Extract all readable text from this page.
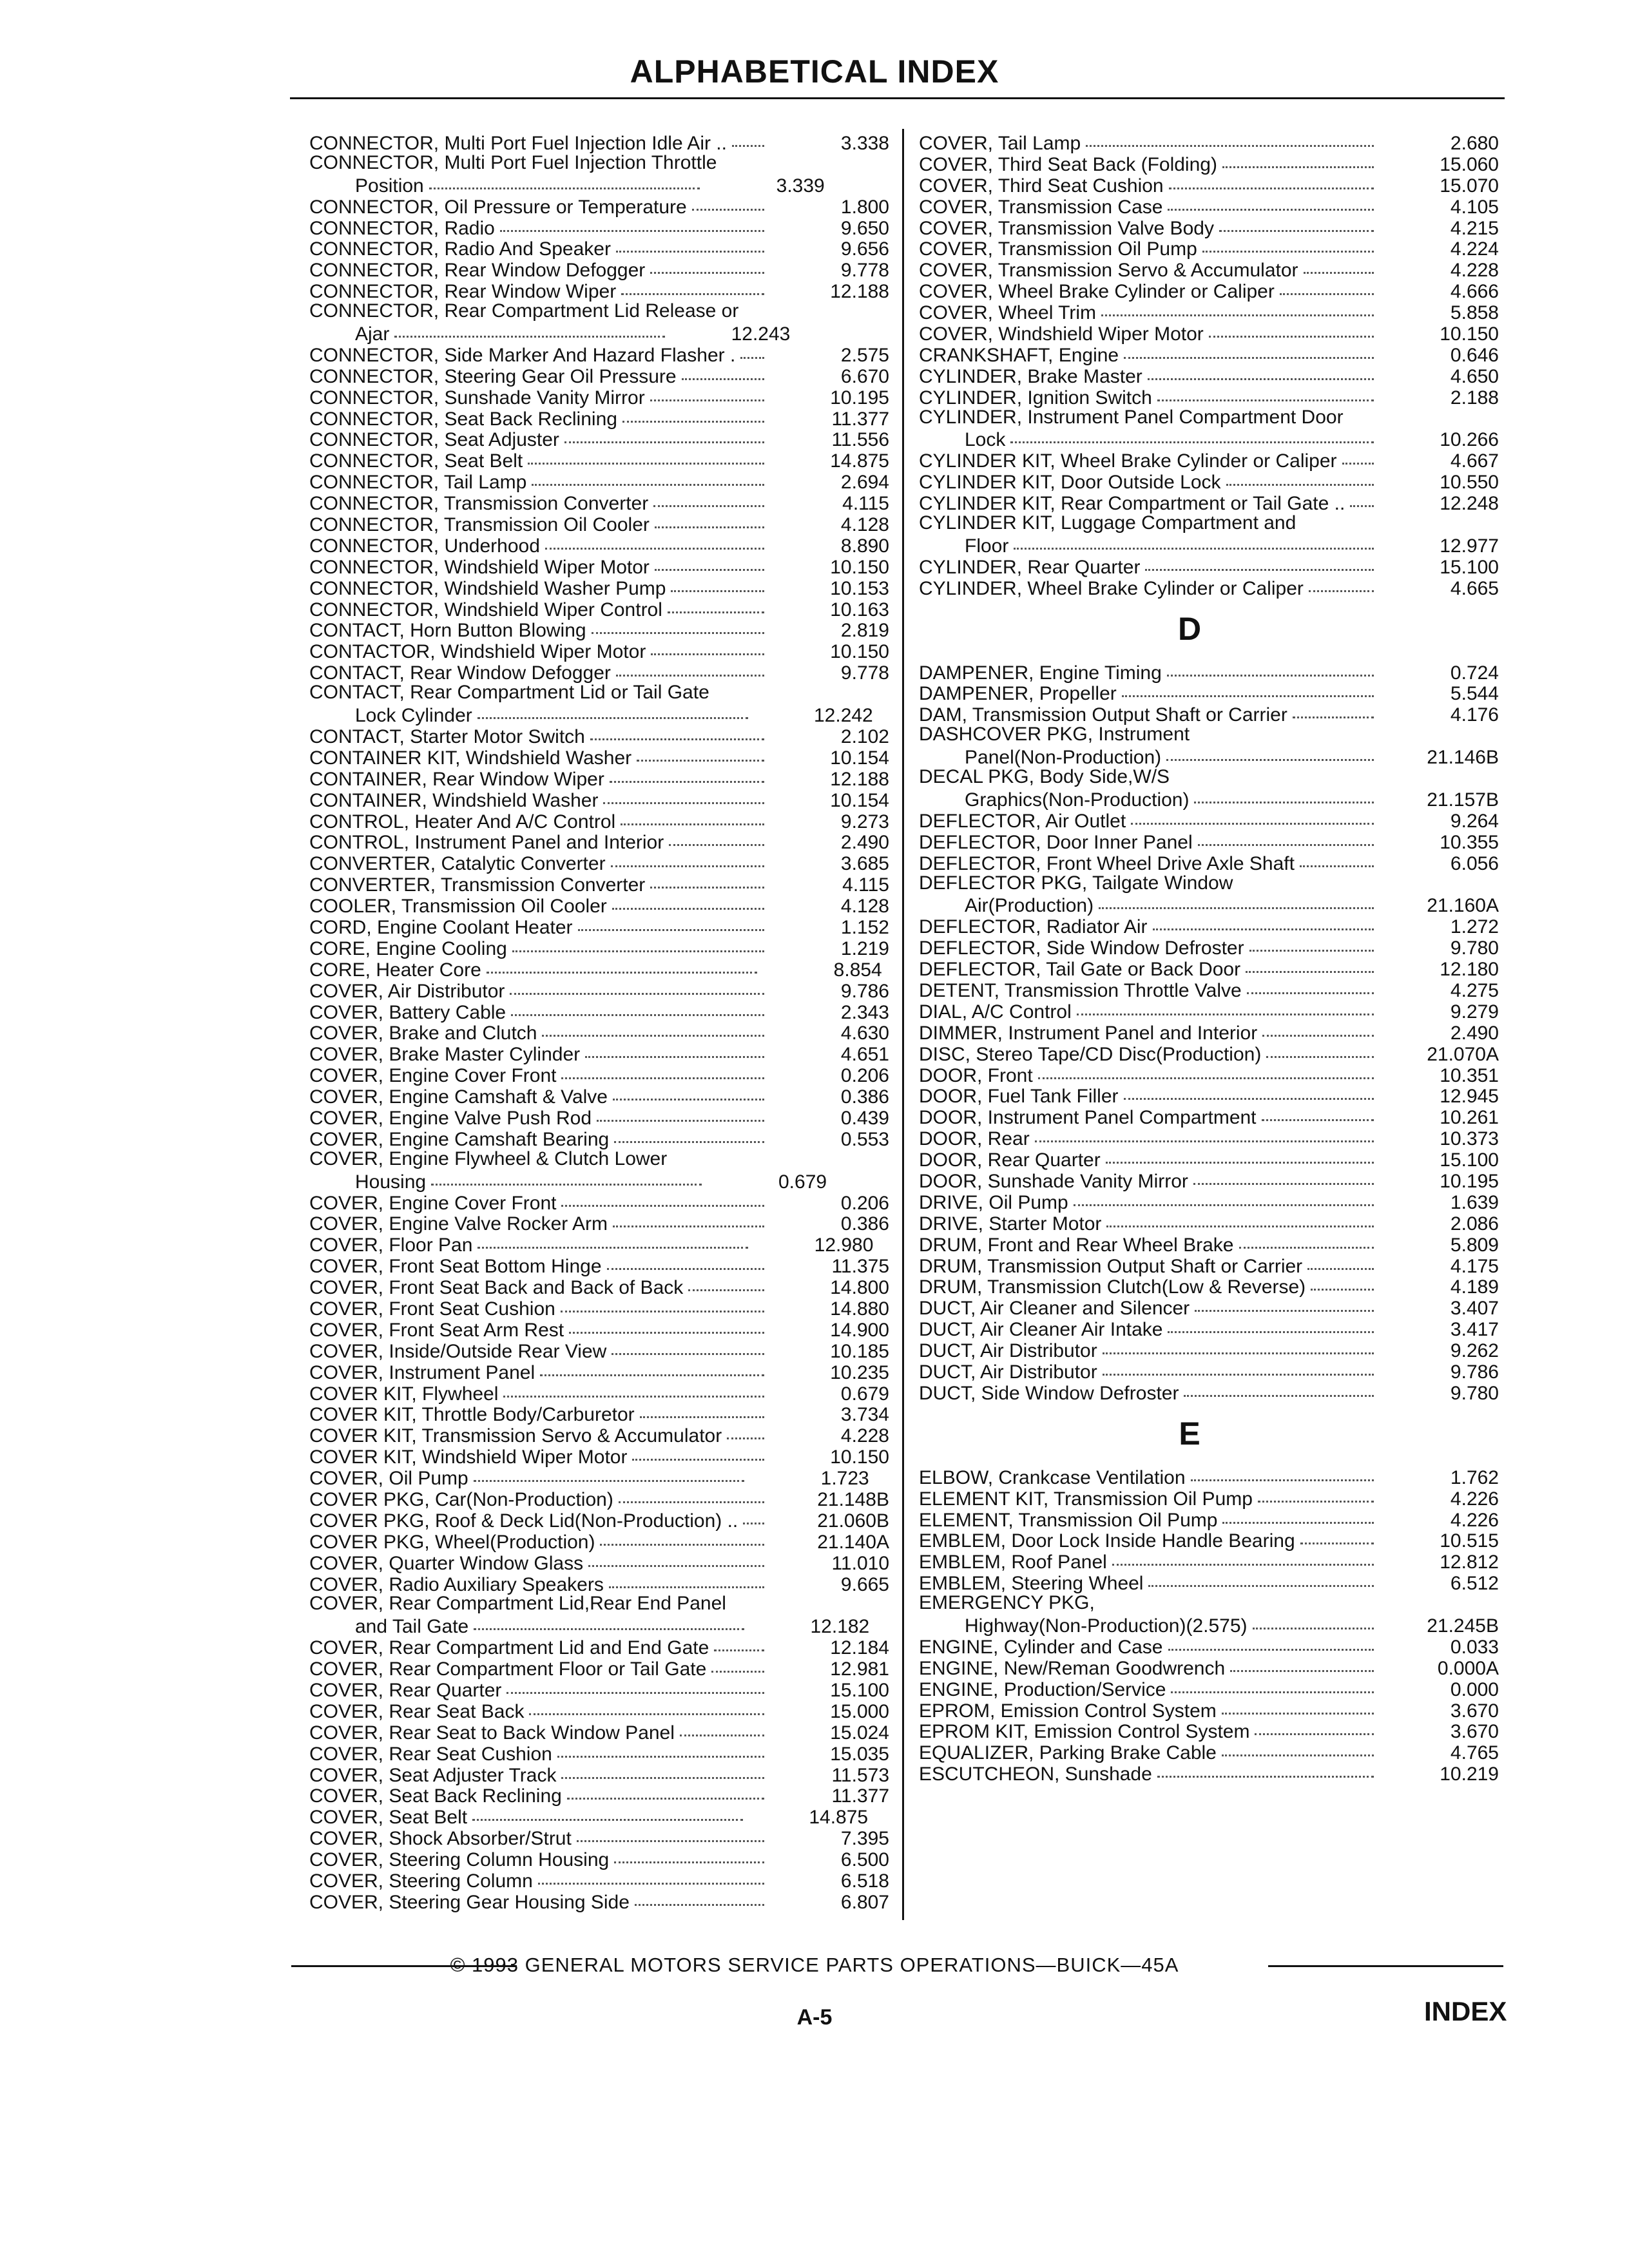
ALPHABETICAL INDEX
CONNECTOR, Multi Port Fuel Injection Idle Air ..	3.338
CONNECTOR, Multi Port Fuel Injection Throttle
Position	3.339
CONNECTOR, Oil Pressure or Temperature	1.800
CONNECTOR, Radio	9.650
CONNECTOR, Radio And Speaker	9.656
CONNECTOR, Rear Window Defogger	9.778
CONNECTOR, Rear Window Wiper	12.188
CONNECTOR, Rear Compartment Lid Release or
Ajar	12.243
CONNECTOR, Side Marker And Hazard Flasher .	2.575
CONNECTOR, Steering Gear Oil Pressure	6.670
CONNECTOR, Sunshade Vanity Mirror	10.195
CONNECTOR, Seat Back Reclining	11.377
CONNECTOR, Seat Adjuster	11.556
CONNECTOR, Seat Belt	14.875
CONNECTOR, Tail Lamp	2.694
CONNECTOR, Transmission Converter	4.115
CONNECTOR, Transmission Oil Cooler	4.128
CONNECTOR, Underhood	8.890
CONNECTOR, Windshield Wiper Motor	10.150
CONNECTOR, Windshield Washer Pump	10.153
CONNECTOR, Windshield Wiper Control	10.163
CONTACT, Horn Button Blowing	2.819
CONTACTOR, Windshield Wiper Motor	10.150
CONTACT, Rear Window Defogger	9.778
CONTACT, Rear Compartment Lid or Tail Gate
Lock Cylinder	12.242
CONTACT, Starter Motor Switch	2.102
CONTAINER KIT, Windshield Washer	10.154
CONTAINER, Rear Window Wiper	12.188
CONTAINER, Windshield Washer	10.154
CONTROL, Heater And A/C Control	9.273
CONTROL, Instrument Panel and Interior	2.490
CONVERTER, Catalytic Converter	3.685
CONVERTER, Transmission Converter	4.115
COOLER, Transmission Oil Cooler	4.128
CORD, Engine Coolant Heater	1.152
CORE, Engine Cooling	1.219
CORE, Heater Core	8.854
COVER, Air Distributor	9.786
COVER, Battery Cable	2.343
COVER, Brake and Clutch	4.630
COVER, Brake Master Cylinder	4.651
COVER, Engine Cover Front	0.206
COVER, Engine Camshaft & Valve	0.386
COVER, Engine Valve Push Rod	0.439
COVER, Engine Camshaft Bearing	0.553
COVER, Engine Flywheel & Clutch Lower
Housing	0.679
COVER, Engine Cover Front	0.206
COVER, Engine Valve Rocker Arm	0.386
COVER, Floor Pan	12.980
COVER, Front Seat Bottom Hinge	11.375
COVER, Front Seat Back and Back of Back	14.800
COVER, Front Seat Cushion	14.880
COVER, Front Seat Arm Rest	14.900
COVER, Inside/Outside Rear View	10.185
COVER, Instrument Panel	10.235
COVER KIT, Flywheel	0.679
COVER KIT, Throttle Body/Carburetor	3.734
COVER KIT, Transmission Servo & Accumulator	4.228
COVER KIT, Windshield Wiper Motor	10.150
COVER, Oil Pump	1.723
COVER PKG, Car(Non-Production)	21.148B
COVER PKG, Roof & Deck Lid(Non-Production) ..	21.060B
COVER PKG, Wheel(Production)	21.140A
COVER, Quarter Window Glass	11.010
COVER, Radio Auxiliary Speakers	9.665
COVER, Rear Compartment Lid,Rear End Panel
and Tail Gate	12.182
COVER, Rear Compartment Lid and End Gate	12.184
COVER, Rear Compartment Floor or Tail Gate	12.981
COVER, Rear Quarter	15.100
COVER, Rear Seat Back	15.000
COVER, Rear Seat to Back Window Panel	15.024
COVER, Rear Seat Cushion	15.035
COVER, Seat Adjuster Track	11.573
COVER, Seat Back Reclining	11.377
COVER, Seat Belt	14.875
COVER, Shock Absorber/Strut	7.395
COVER, Steering Column Housing	6.500
COVER, Steering Column	6.518
COVER, Steering Gear Housing Side	6.807
COVER, Tail Lamp	2.680
COVER, Third Seat Back (Folding)	15.060
COVER, Third Seat Cushion	15.070
COVER, Transmission Case	4.105
COVER, Transmission Valve Body	4.215
COVER, Transmission Oil Pump	4.224
COVER, Transmission Servo & Accumulator	4.228
COVER, Wheel Brake Cylinder or Caliper	4.666
COVER, Wheel Trim	5.858
COVER, Windshield Wiper Motor	10.150
CRANKSHAFT, Engine	0.646
CYLINDER, Brake Master	4.650
CYLINDER, Ignition Switch	2.188
CYLINDER, Instrument Panel Compartment Door
Lock	10.266
CYLINDER KIT, Wheel Brake Cylinder or Caliper	4.667
CYLINDER KIT, Door Outside Lock	10.550
CYLINDER KIT, Rear Compartment or Tail Gate ..	12.248
CYLINDER KIT, Luggage Compartment and
Floor	12.977
CYLINDER, Rear Quarter	15.100
CYLINDER, Wheel Brake Cylinder or Caliper	4.665
D
DAMPENER, Engine Timing	0.724
DAMPENER, Propeller	5.544
DAM, Transmission Output Shaft or Carrier	4.176
DASHCOVER PKG, Instrument
Panel(Non-Production)	21.146B
DECAL PKG, Body Side,W/S
Graphics(Non-Production)	21.157B
DEFLECTOR, Air Outlet	9.264
DEFLECTOR, Door Inner Panel	10.355
DEFLECTOR, Front Wheel Drive Axle Shaft	6.056
DEFLECTOR PKG, Tailgate Window
Air(Production)	21.160A
DEFLECTOR, Radiator Air	1.272
DEFLECTOR, Side Window Defroster	9.780
DEFLECTOR, Tail Gate or Back Door	12.180
DETENT, Transmission Throttle Valve	4.275
DIAL, A/C Control	9.279
DIMMER, Instrument Panel and Interior	2.490
DISC, Stereo Tape/CD Disc(Production)	21.070A
DOOR, Front	10.351
DOOR, Fuel Tank Filler	12.945
DOOR, Instrument Panel Compartment	10.261
DOOR, Rear	10.373
DOOR, Rear Quarter	15.100
DOOR, Sunshade Vanity Mirror	10.195
DRIVE, Oil Pump	1.639
DRIVE, Starter Motor	2.086
DRUM, Front and Rear Wheel Brake	5.809
DRUM, Transmission Output Shaft or Carrier	4.175
DRUM, Transmission Clutch(Low & Reverse)	4.189
DUCT, Air Cleaner and Silencer	3.407
DUCT, Air Cleaner Air Intake	3.417
DUCT, Air Distributor	9.262
DUCT, Air Distributor	9.786
DUCT, Side Window Defroster	9.780
E
ELBOW, Crankcase Ventilation	1.762
ELEMENT KIT, Transmission Oil Pump	4.226
ELEMENT, Transmission Oil Pump	4.226
EMBLEM, Door Lock Inside Handle Bearing	10.515
EMBLEM, Roof Panel	12.812
EMBLEM, Steering Wheel	6.512
EMERGENCY PKG,
Highway(Non-Production)(2.575)	21.245B
ENGINE, Cylinder and Case	0.033
ENGINE, New/Reman Goodwrench	0.000A
ENGINE, Production/Service	0.000
EPROM, Emission Control System	3.670
EPROM KIT, Emission Control System	3.670
EQUALIZER, Parking Brake Cable	4.765
ESCUTCHEON, Sunshade	10.219
© 1993 GENERAL MOTORS SERVICE PARTS OPERATIONS—BUICK—45A
A-5	INDEX
